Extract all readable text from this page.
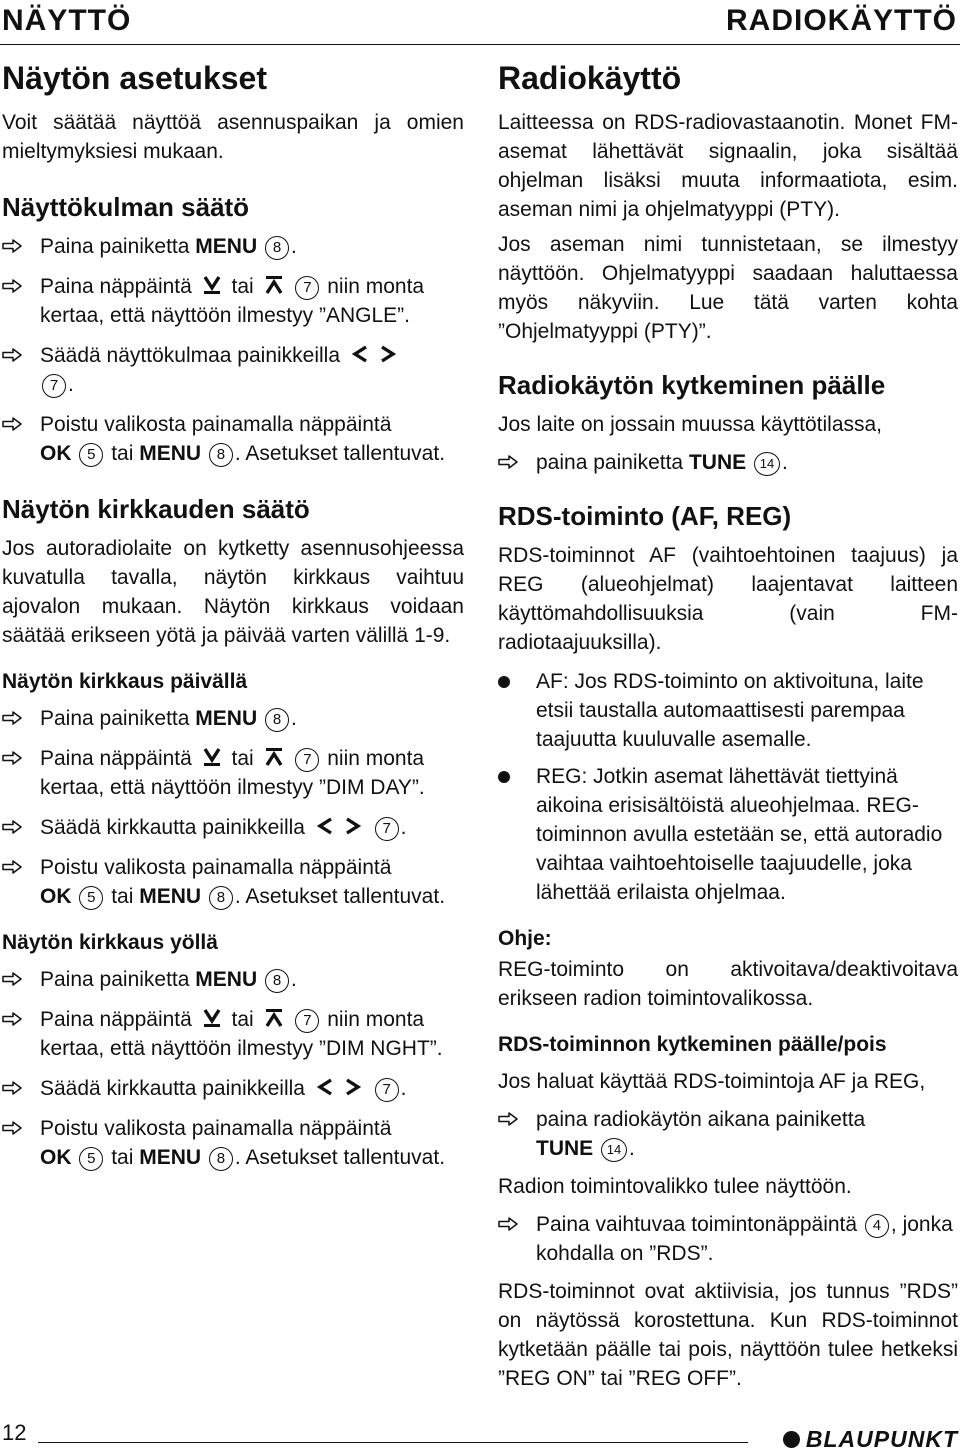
NÄYTTÖ	RADIOKÄYTTÖ
Näytön asetukset

Voit säätää näyttöä asennuspaikan ja omien mieltymyksiesi mukaan.

Näyttökulman säätö
Paina painiketta MENU 8 .
Paina näppäintä tai	7 niin monta kertaa, että näyttöön ilmestyy ”ANGLE”.
Säädä näyttökulmaa painikkeilla
7 .
Poistu valikosta painamalla näppäintä
OK 5 tai MENU 8 . Asetukset tallentuvat.
Näytön kirkkauden säätö

Jos autoradiolaite on kytketty asennusohjeessa kuvatulla tavalla, näytön kirkkaus vaihtuu ajovalon mukaan. Näytön kirkkaus voidaan säätää erikseen yötä ja päivää varten välillä 1-9.

Näytön kirkkaus päivällä
Paina painiketta MENU 8 .
Paina näppäintä tai	7 niin monta kertaa, että näyttöön ilmestyy ”DIM DAY”.
Säädä kirkkautta painikkeilla	7 .
Poistu valikosta painamalla näppäintä
OK 5 tai MENU 8 . Asetukset tallentuvat.
Näytön kirkkaus yöllä
Paina painiketta MENU 8 .
Paina näppäintä tai	7 niin monta kertaa, että näyttöön ilmestyy ”DIM NGHT”.
Säädä kirkkautta painikkeilla	7 .
Poistu valikosta painamalla näppäintä
OK 5 tai MENU 8 . Asetukset tallentuvat.
Radiokäyttö

Laitteessa on RDS-radiovastaanotin. Monet FM-asemat lähettävät signaalin, joka sisältää ohjelman lisäksi muuta informaatiota, esim. aseman nimi ja ohjelmatyyppi (PTY).

Jos aseman nimi tunnistetaan, se ilmestyy näyttöön. Ohjelmatyyppi saadaan haluttaessa myös näkyviin. Lue tätä varten kohta ”Ohjelmatyyppi (PTY)”.

Radiokäytön kytkeminen päälle

Jos laite on jossain muussa käyttötilassa,

paina painiketta TUNE 14 .
RDS-toiminto (AF, REG)

RDS-toiminnot AF (vaihtoehtoinen taajuus) ja REG (alueohjelmat) laajentavat laitteen käyttömahdollisuuksia (vain FM-radiotaajuuksilla).

AF: Jos RDS-toiminto on aktivoituna, laite etsii taustalla automaattisesti parempaa taajuutta kuuluvalle asemalle.
REG: Jotkin asemat lähettävät tiettyinä aikoina erisisältöistä alueohjelmaa. REG-toiminnon avulla estetään se, että autoradio vaihtaa vaihtoehtoiselle taajuudelle, joka lähettää erilaista ohjelmaa.
Ohje:

REG-toiminto on aktivoitava/deaktivoitava erikseen radion toimintovalikossa.

RDS-toiminnon kytkeminen päälle/pois

Jos haluat käyttää RDS-toimintoja AF ja REG,

paina radiokäytön aikana painiketta
TUNE 14 .

Radion toimintovalikko tulee näyttöön.

Paina vaihtuvaa toimintonäppäintä 4 , jonka kohdalla on ”RDS”.

RDS-toiminnot ovat aktiivisia, jos tunnus ”RDS” on näytössä korostettuna. Kun RDS-toiminnot kytketään päälle tai pois, näyttöön tulee hetkeksi ”REG ON” tai ”REG OFF”.

12	BLAUPUNKT
